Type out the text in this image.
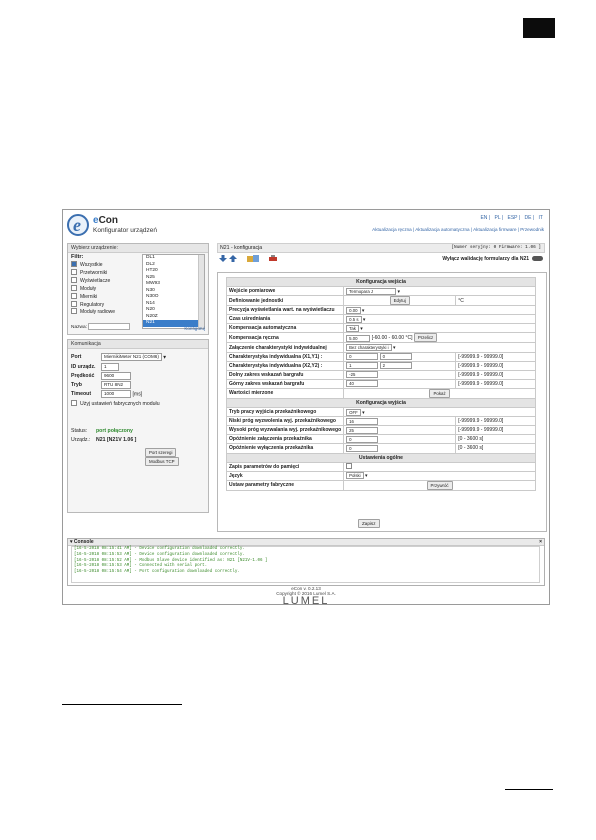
e eCon
Konfigurator urządzeń
EN | PL | ESP | DE | IT
Aktualizacja ręczna | Aktualizacja automatyczna | Aktualizacja firmware | Przewodnik
Wybierz urządzenie:
Filtr:
Wszystkie
Przetworniki
Wyświetlacze
Moduły
Mierniki
Regulatory
Moduły radiowe
DL1
DL2
HT20
N25
MW93
N30
N30O
N14
N20
N20Z
N21
Nazwa:	Konfiguruj
Komunikacja
Port	MiernikiMeter N21 (COM6) ▾
ID urządz. 1
Prędkość 9600
Tryb	RTU 8N2
Timeout	1000	[ms]
Użyj ustawień fabrycznych modułu
Status: port połączony
Urządz.: N21 [N21V 1.06 ]
Port szeregi Modbus TCP
N21 - konfiguracja	[Numer seryjny: 0 Firmware: 1.06 ]
Wyłącz walidację formularzy dla N21
Konfiguracja wejścia		
Wejście pomiarowe	Termopara J ▾	
Definiowanie jednostki	Edytuj	°C
Precyzja wyświetlania wart. na wyświetlaczu	0.00 ▾	
Czas uśredniania	0.5 s ▾	
Kompensacja automatyczna	Tak ▾	
Kompensacja ręczna	5.00 [-60.00 - 60.00 °C] Przelicz	
Załączenie charakterystyki indywidualnej	Bez charakterystyki i ▾	
Charakterystyka indywidualna (X1,Y1) :	0 0	[-99999.9 - 99999.0]
Charakterystyka indywidualna (X2,Y2) :	1 2	[-99999.9 - 99999.0]
Dolny zakres wskazań bargrafu	-25	[-99999.9 - 99999.0]
Górny zakres wskazań bargrafu	40	[-99999.9 - 99999.0]
Wartości mierzone	Pokaż	
Konfiguracja wyjścia		
Tryb pracy wyjścia przekaźnikowego	OFF ▾	
Niski próg wyzwolenia wyj. przekaźnikowego	16	[-99999.9 - 99999.0]
Wysoki próg wyzwalania wyj. przekaźnikowego	25	[-99999.9 - 99999.0]
Opóźnienie załączenia przekaźnika	0	[0 - 3600 s]
Opóźnienie wyłączenia przekaźnika	0	[0 - 3600 s]
Ustawienia ogólne		
Zapis parametrów do pamięci		
Język	Polski ▾	
Ustaw parametry fabryczne	Przywróć	
Zapisz
▾ Console	×
[16-5-2018 08:15:41 AM] - Device configuration downloaded correctly.
[16-5-2018 08:15:53 AM] - Device configuration downloaded correctly.
[16-5-2018 08:15:52 AM] - Modbus Slave device identified as: N21 [N21V-1.06 ]
[16-5-2018 08:15:53 AM] - Connected with serial port.
[16-5-2018 08:15:54 AM] - Port configuration downloaded correctly.
eCon v. 0.2.13
Copyright © 2016 Lumel S.A.
LUMEL
